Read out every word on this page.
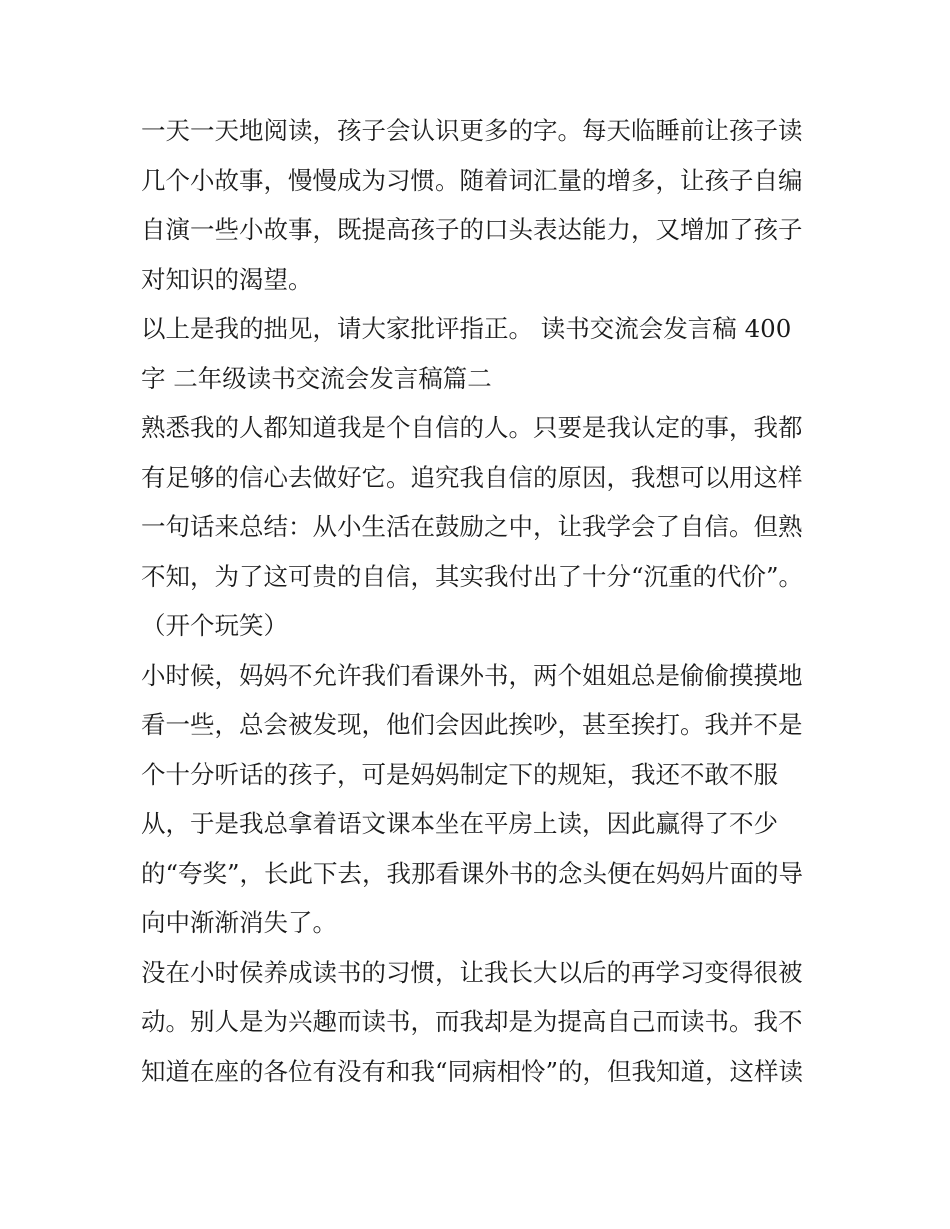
一天一天地阅读，孩子会认识更多的字。每天临睡前让孩子读
几个小故事，慢慢成为习惯。随着词汇量的增多，让孩子自编
自演一些小故事，既提高孩子的口头表达能力，又增加了孩子
对知识的渴望。
以上是我的拙见，请大家批评指正。 读书交流会发言稿 400
字 二年级读书交流会发言稿篇二
熟悉我的人都知道我是个自信的人。只要是我认定的事，我都
有足够的信心去做好它。追究我自信的原因，我想可以用这样
一句话来总结：从小生活在鼓励之中，让我学会了自信。但熟
不知，为了这可贵的自信，其实我付出了十分“沉重的代价”。
（开个玩笑）
小时候，妈妈不允许我们看课外书，两个姐姐总是偷偷摸摸地
看一些，总会被发现，他们会因此挨吵，甚至挨打。我并不是
个十分听话的孩子，可是妈妈制定下的规矩，我还不敢不服
从，于是我总拿着语文课本坐在平房上读，因此赢得了不少
的“夸奖”，长此下去，我那看课外书的念头便在妈妈片面的导
向中渐渐消失了。
没在小时侯养成读书的习惯，让我长大以后的再学习变得很被
动。别人是为兴趣而读书，而我却是为提高自己而读书。我不
知道在座的各位有没有和我“同病相怜”的，但我知道，这样读
